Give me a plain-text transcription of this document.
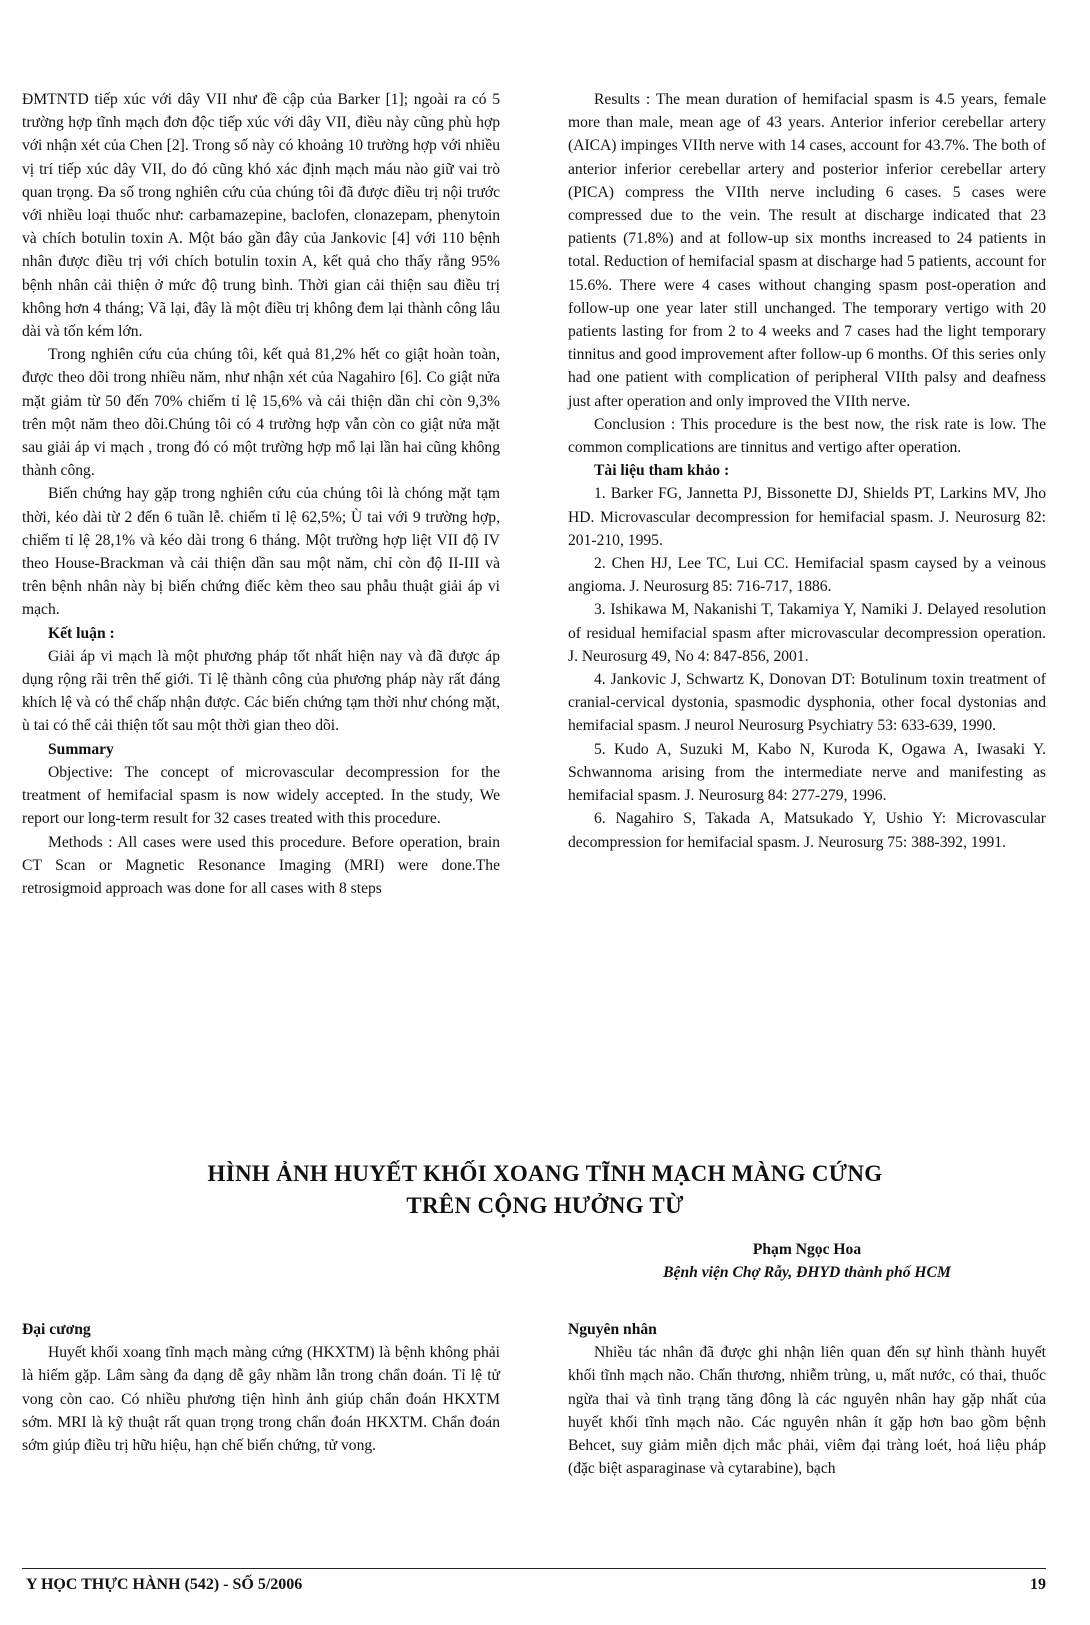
ĐMTNTD tiếp xúc với dây VII như đề cập của Barker [1]; ngoài ra có 5 trường hợp tĩnh mạch đơn độc tiếp xúc với dây VII, điều này cũng phù hợp với nhận xét của Chen [2]. Trong số này có khoảng 10 trường hợp với nhiều vị trí tiếp xúc dây VII, do đó cũng khó xác định mạch máu nào giữ vai trò quan trọng. Đa số trong nghiên cứu của chúng tôi đã được điều trị nội trước với nhiều loại thuốc như: carbamazepine, baclofen, clonazepam, phenytoin và chích botulin toxin A. Một báo gần đây của Jankovic [4] với 110 bệnh nhân được điều trị với chích botulin toxin A, kết quả cho thấy rằng 95% bệnh nhân cải thiện ở mức độ trung bình. Thời gian cải thiện sau điều trị không hơn 4 tháng; Vã lại, đây là một điều trị không đem lại thành công lâu dài và tốn kém lớn.

Trong nghiên cứu của chúng tôi, kết quả 81,2% hết co giật hoàn toàn, được theo dõi trong nhiều năm, như nhận xét của Nagahiro [6]. Co giật nửa mặt giảm từ 50 đến 70% chiếm tỉ lệ 15,6% và cải thiện dần chỉ còn 9,3% trên một năm theo dõi.Chúng tôi có 4 trường hợp vẫn còn co giật nửa mặt sau giải áp vi mạch , trong đó có một trường hợp mổ lại lần hai cũng không thành công.

Biến chứng hay gặp trong nghiên cứu của chúng tôi là chóng mặt tạm thời, kéo dài từ 2 đến 6 tuần lễ. chiếm tỉ lệ 62,5%; Ù tai với 9 trường hợp, chiếm tỉ lệ 28,1% và kéo dài trong 6 tháng. Một trường hợp liệt VII độ IV theo House-Brackman và cải thiện dần sau một năm, chỉ còn độ II-III và trên bệnh nhân này bị biến chứng điếc kèm theo sau phẫu thuật giải áp vi mạch.

Kết luận :

Giải áp vi mạch là một phương pháp tốt nhất hiện nay và đã được áp dụng rộng rãi trên thế giới. Tỉ lệ thành công của phương pháp này rất đáng khích lệ và có thể chấp nhận được. Các biến chứng tạm thời như chóng mặt, ù tai có thể cải thiện tốt sau một thời gian theo dõi.

Summary

Objective: The concept of microvascular decompression for the treatment of hemifacial spasm is now widely accepted. In the study, We report our long-term result for 32 cases treated with this procedure.

Methods : All cases were used this procedure. Before operation, brain CT Scan or Magnetic Resonance Imaging (MRI) were done.The retrosigmoid approach was done for all cases with 8 steps

Results : The mean duration of hemifacial spasm is 4.5 years, female more than male, mean age of 43 years. Anterior inferior cerebellar artery (AICA) impinges VIIth nerve with 14 cases, account for 43.7%. The both of anterior inferior cerebellar artery and posterior inferior cerebellar artery (PICA) compress the VIIth nerve including 6 cases. 5 cases were compressed due to the vein. The result at discharge indicated that 23 patients (71.8%) and at follow-up six months increased to 24 patients in total. Reduction of hemifacial spasm at discharge had 5 patients, account for 15.6%. There were 4 cases without changing spasm post-operation and follow-up one year later still unchanged. The temporary vertigo with 20 patients lasting for from 2 to 4 weeks and 7 cases had the light temporary tinnitus and good improvement after follow-up 6 months. Of this series only had one patient with complication of peripheral VIIth palsy and deafness just after operation and only improved the VIIth nerve.

Conclusion : This procedure is the best now, the risk rate is low. The common complications are tinnitus and vertigo after operation.

Tài liệu tham khảo :

1. Barker FG, Jannetta PJ, Bissonette DJ, Shields PT, Larkins MV, Jho HD. Microvascular decompression for hemifacial spasm. J. Neurosurg 82: 201-210, 1995.

2. Chen HJ, Lee TC, Lui CC. Hemifacial spasm caysed by a veinous angioma. J. Neurosurg 85: 716-717, 1886.

3. Ishikawa M, Nakanishi T, Takamiya Y, Namiki J. Delayed resolution of residual hemifacial spasm after microvascular decompression operation. J. Neurosurg 49, No 4: 847-856, 2001.

4. Jankovic J, Schwartz K, Donovan DT: Botulinum toxin treatment of cranial-cervical dystonia, spasmodic dysphonia, other focal dystonias and hemifacial spasm. J neurol Neurosurg Psychiatry 53: 633-639, 1990.

5. Kudo A, Suzuki M, Kabo N, Kuroda K, Ogawa A, Iwasaki Y. Schwannoma arising from the intermediate nerve and manifesting as hemifacial spasm. J. Neurosurg 84: 277-279, 1996.

6. Nagahiro S, Takada A, Matsukado Y, Ushio Y: Microvascular decompression for hemifacial spasm. J. Neurosurg 75: 388-392, 1991.

HÌNH ẢNH HUYẾT KHỐI XOANG TĨNH MẠCH MÀNG CỨNG
TRÊN CỘNG HƯỞNG TỪ
Phạm Ngọc Hoa
Bệnh viện Chợ Rẫy, ĐHYD thành phố HCM
Đại cương

Huyết khối xoang tĩnh mạch màng cứng (HKXTM) là bệnh không phải là hiếm gặp. Lâm sàng đa dạng dễ gây nhầm lẫn trong chẩn đoán. Tỉ lệ tử vong còn cao. Có nhiều phương tiện hình ảnh giúp chẩn đoán HKXTM sớm. MRI là kỹ thuật rất quan trọng trong chẩn đoán HKXTM. Chẩn đoán sớm giúp điều trị hữu hiệu, hạn chế biến chứng, tử vong.

Nguyên nhân

Nhiều tác nhân đã được ghi nhận liên quan đến sự hình thành huyết khối tĩnh mạch não. Chấn thương, nhiễm trùng, u, mất nước, có thai, thuốc ngừa thai và tình trạng tăng đông là các nguyên nhân hay gặp nhất của huyết khối tĩnh mạch não. Các nguyên nhân ít gặp hơn bao gồm bệnh Behcet, suy giảm miễn dịch mắc phải, viêm đại tràng loét, hoá liệu pháp (đặc biệt asparaginase và cytarabine), bạch

Y HỌC THỰC HÀNH (542) - SỐ 5/2006	19
